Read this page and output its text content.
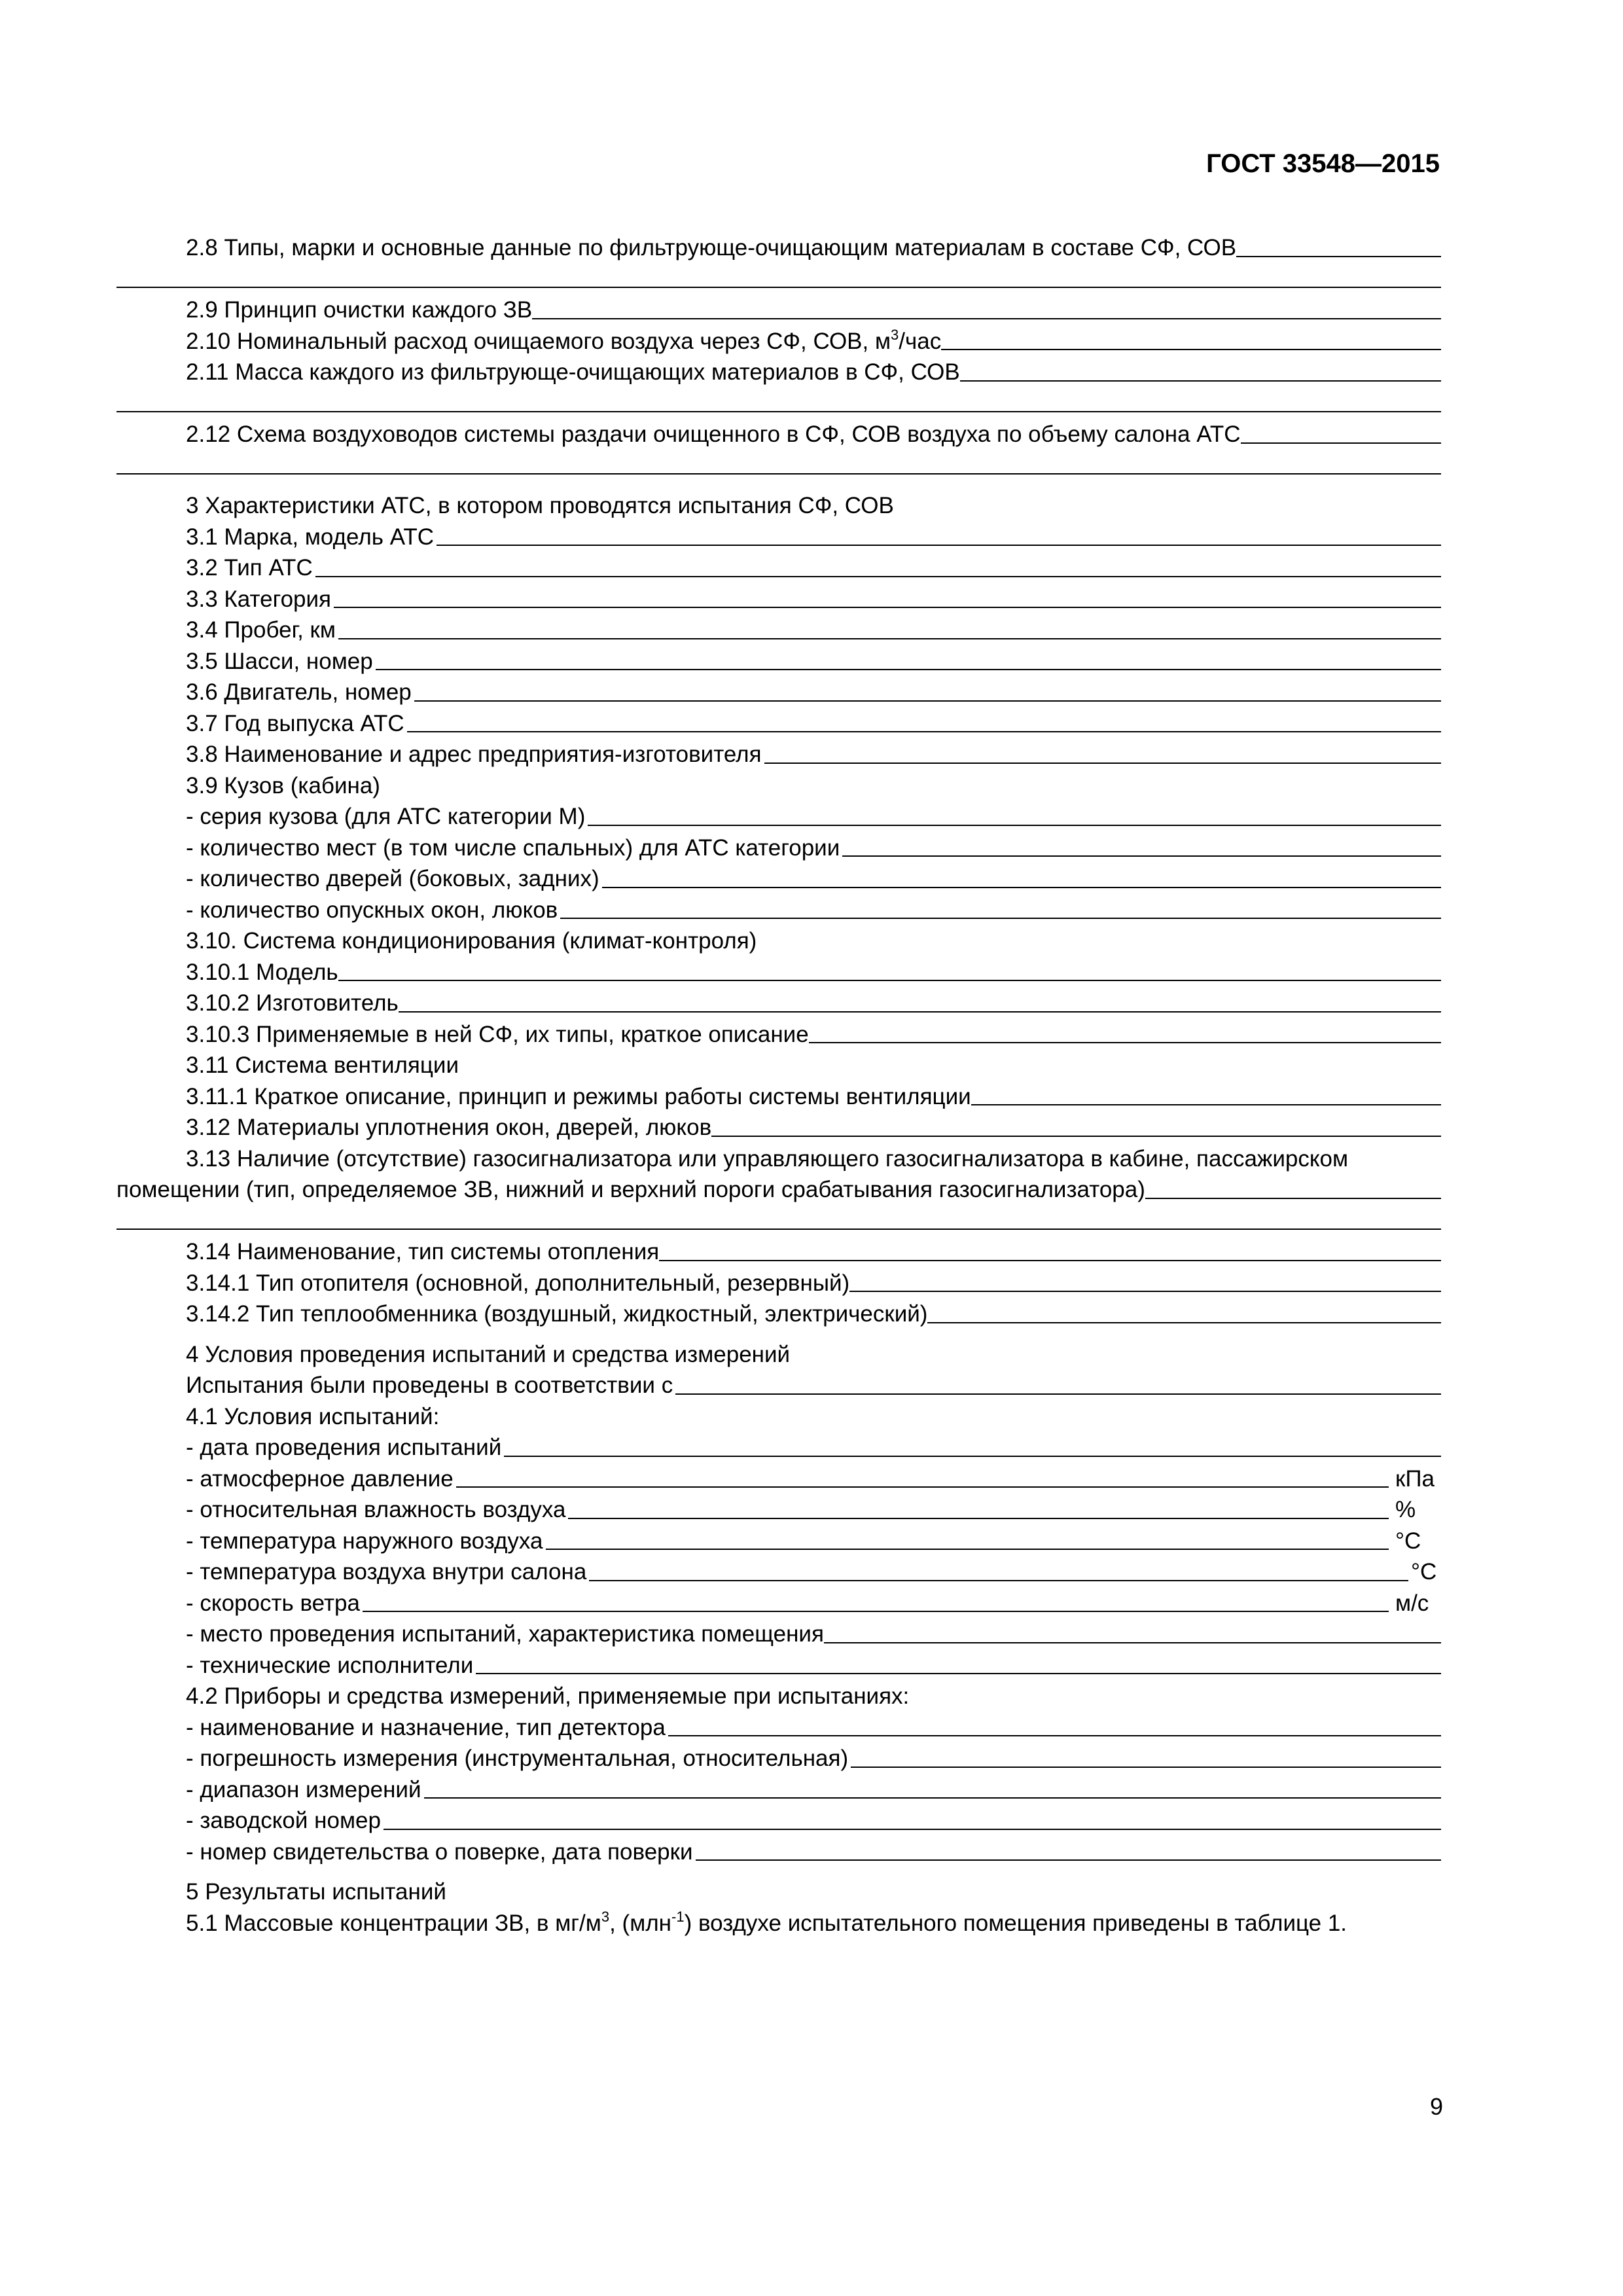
ГОСТ 33548—2015
2.8 Типы, марки и основные данные по фильтрующе-очищающим материалам в составе СФ, СОВ
2.9 Принцип очистки каждого ЗВ
2.10 Номинальный расход очищаемого воздуха через СФ, СОВ, $м^3$/час
2.11 Масса каждого из фильтрующе-очищающих материалов в СФ, СОВ
2.12 Схема воздуховодов системы раздачи очищенного в СФ, СОВ воздуха по объему салона АТС
3 Характеристики АТС, в котором проводятся испытания СФ, СОВ
3.1 Марка, модель АТС
3.2 Тип АТС
3.3 Категория
3.4 Пробег, км
3.5 Шасси, номер
3.6 Двигатель, номер
3.7 Год выпуска АТС
3.8 Наименование и адрес предприятия-изготовителя
3.9 Кузов (кабина)
- серия кузова (для АТС категории М)
- количество мест (в том числе спальных) для АТС категории
- количество дверей (боковых, задних)
- количество опускных окон, люков
3.10. Система кондиционирования (климат-контроля)
3.10.1 Модель
3.10.2 Изготовитель
3.10.3 Применяемые в ней СФ, их типы, краткое описание
3.11 Система вентиляции
3.11.1 Краткое описание, принцип и режимы работы системы вентиляции
3.12 Материалы уплотнения окон, дверей, люков
3.13 Наличие (отсутствие) газосигнализатора или управляющего газосигнализатора в кабине, пассажирском
помещении (тип, определяемое ЗВ, нижний и верхний пороги срабатывания газосигнализатора)
3.14 Наименование, тип системы отопления
3.14.1 Тип отопителя (основной, дополнительный, резервный)
3.14.2 Тип теплообменника (воздушный, жидкостный, электрический)
4 Условия проведения испытаний и средства измерений
Испытания были проведены в соответствии с
4.1 Условия испытаний:
- дата проведения испытаний
- атмосферное давление	кПа
- относительная влажность воздуха	%
- температура наружного воздуха	°С
- температура воздуха внутри салона	°С
- скорость ветра	м/с
- место проведения испытаний, характеристика помещения
- технические исполнители
4.2 Приборы и средства измерений, применяемые при испытаниях:
- наименование и назначение, тип детектора
- погрешность измерения (инструментальная, относительная)
- диапазон измерений
- заводской номер
- номер свидетельства о поверке, дата поверки
5 Результаты испытаний
5.1 Массовые концентрации ЗВ, в $мг/м^3$, (млн$^{-1}$) воздухе испытательного помещения приведены в таблице 1.
9
